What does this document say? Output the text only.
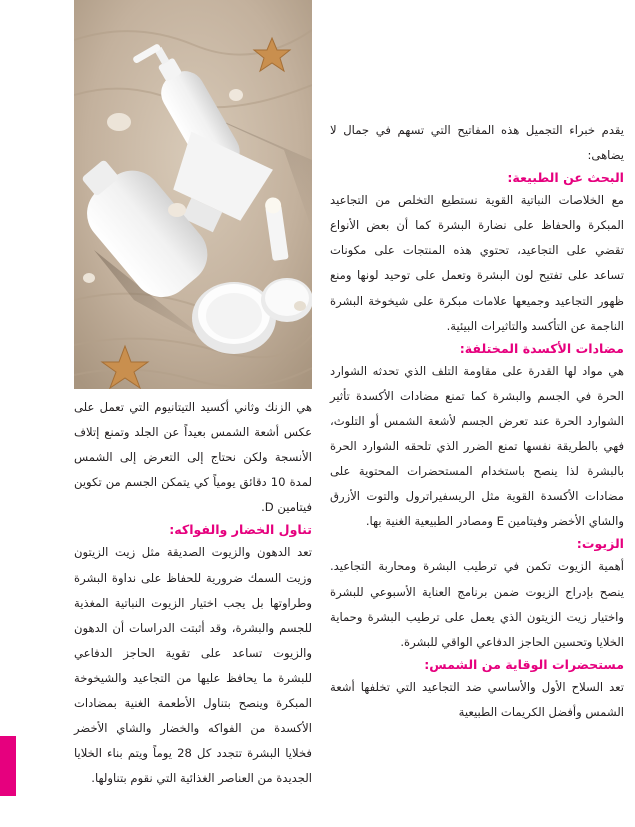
يقدم خبراء التجميل هذه المفاتيح التي تسهم في جمال لا يضاهى:

البحث عن الطبيعة:

مع الخلاصات النباتية القوية نستطيع التخلص من التجاعيد المبكرة والحفاظ على نضارة البشرة كما أن بعض الأنواع تقضي على التجاعيد، تحتوي هذه المنتجات على مكونات تساعد على تفتيح لون البشرة وتعمل على توحيد لونها ومنع ظهور التجاعيد وجميعها علامات مبكرة على شيخوخة البشرة الناجمة عن التأكسد والتاثيرات البيئية.

مضادات الأكسدة المختلفة:

هي مواد لها القدرة على مقاومة التلف الذي تحدثه الشوارد الحرة في الجسم والبشرة كما تمنع مضادات الأكسدة تأثير الشوارد الحرة عند تعرض الجسم لأشعة الشمس أو التلوث، فهي بالطريقة نفسها تمنع الضرر الذي تلحقه الشوارد الحرة بالبشرة لذا ينصح باستخدام المستحضرات المحتوية على مضادات الأكسدة القوية مثل الريسفيراترول والتوت الأزرق والشاي الأخضر وفيتامين E ومصادر الطبيعية الغنية بها.

الزيوت:

أهمية الزيوت تكمن في ترطيب البشرة ومحاربة التجاعيد. ينصح بإدراج الزيوت ضمن برنامج العناية الأسبوعي للبشرة واختيار زيت الزيتون الذي يعمل على ترطيب البشرة وحماية الخلايا وتحسين الحاجز الدفاعي الواقي للبشرة.

مستحضرات الوقاية من الشمس:

تعد السلاح الأول والأساسي ضد التجاعيد التي تخلفها أشعة الشمس وأفضل الكريمات الطبيعية

هي الزنك وثاني أكسيد التيتانيوم التي تعمل على عكس أشعة الشمس بعيداً عن الجلد وتمنع إتلاف الأنسجة ولكن نحتاج إلى التعرض إلى الشمس لمدة 10 دقائق يومياً كي يتمكن الجسم من تكوين فيتامين D.

تناول الخضار والفواكه:

تعد الدهون والزيوت الصديقة مثل زيت الزيتون وزيت السمك ضرورية للحفاظ على نداوة البشرة وطراوتها بل يجب اختيار الزيوت النباتية المغذية للجسم والبشرة، وقد أثبتت الدراسات أن الدهون والزيوت تساعد على تقوية الحاجز الدفاعي للبشرة ما يحافظ عليها من التجاعيد والشيخوخة المبكرة وينصح بتناول الأطعمة الغنية بمضادات الأكسدة من الفواكه والخضار والشاي الأخضر فخلايا البشرة تتجدد كل 28 يوماً ويتم بناء الخلايا الجديدة من العناصر الغذائية التي نقوم بتناولها.
